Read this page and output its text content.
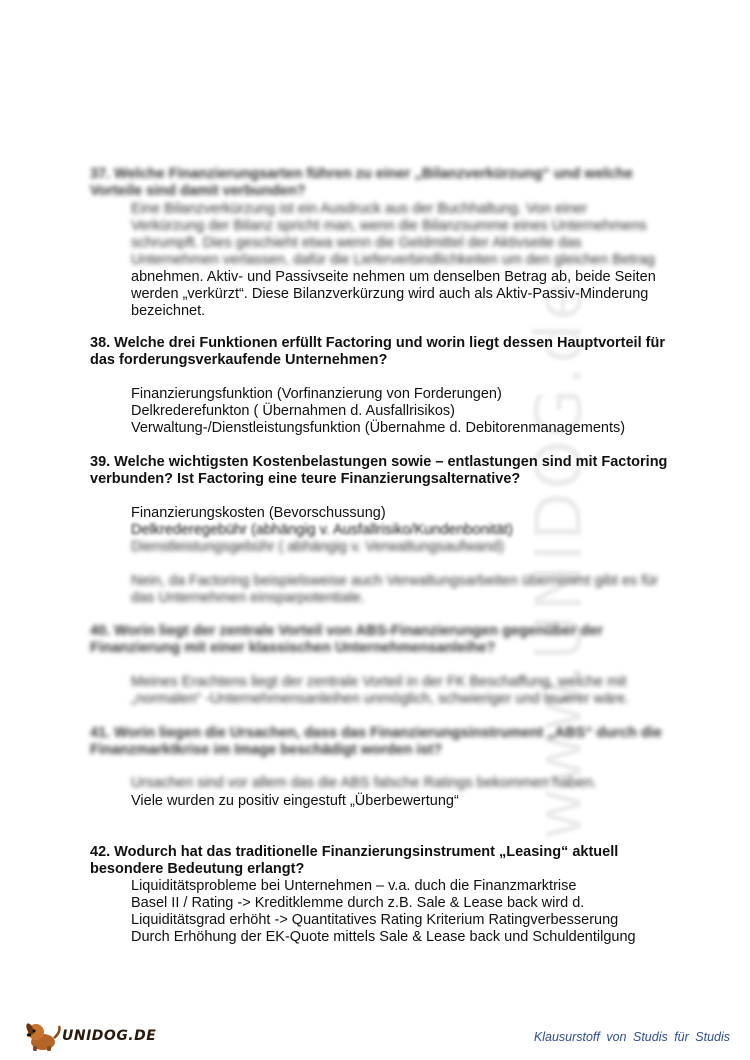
www.UNIDOG.de
37. Welche Finanzierungsarten führen zu einer „Bilanzverkürzung“ und welche
Vorteile sind damit verbunden?
Eine Bilanzverkürzung ist ein Ausdruck aus der Buchhaltung. Von einer
Verkürzung der Bilanz spricht man, wenn die Bilanzsumme eines Unternehmens
schrumpft. Dies geschieht etwa wenn die Geldmittel der Aktivseite das
Unternehmen verlassen, dafür die Lieferverbindlichkeiten um den gleichen Betrag
abnehmen. Aktiv- und Passivseite nehmen um denselben Betrag ab, beide Seiten
werden „verkürzt“. Diese Bilanzverkürzung wird auch als Aktiv-Passiv-Minderung
bezeichnet.
38. Welche drei Funktionen erfüllt Factoring und worin liegt dessen Hauptvorteil für
das forderungsverkaufende Unternehmen?
Finanzierungsfunktion (Vorfinanzierung von Forderungen)
Delkrederefunkton ( Übernahmen d. Ausfallrisikos)
Verwaltung-/Dienstleistungsfunktion (Übernahme d. Debitorenmanagements)
39. Welche wichtigsten Kostenbelastungen sowie – entlastungen sind mit Factoring
verbunden? Ist Factoring eine teure Finanzierungsalternative?
Finanzierungskosten (Bevorschussung)
Delkrederegebühr (abhängig v. Ausfallrisiko/Kundenbonität)
Dienstleistungsgebühr ( abhängig v. Verwaltungsaufwand)
Nein, da Factoring beispielsweise auch Verwaltungsarbeiten übernimmt gibt es für
das Unternehmen einsparpotentiale.
40. Worin liegt der zentrale Vorteil von ABS-Finanzierungen gegenüber der
Finanzierung mit einer klassischen Unternehmensanleihe?
Meines Erachtens liegt der zentrale Vorteil in der FK Beschaffung, welche mit
„normalen“ -Unternehmensanleihen unmöglich, schwieriger und teuerer wäre.
41. Worin liegen die Ursachen, dass das Finanzierungsinstrument „ABS“ durch die
Finanzmarktkrise im Image beschädigt worden ist?
Ursachen sind vor allem das die ABS falsche Ratings bekommen haben.
Viele wurden zu positiv eingestuft „Überbewertung“
42. Wodurch hat das traditionelle Finanzierungsinstrument „Leasing“ aktuell
besondere Bedeutung erlangt?
Liquiditätsprobleme bei Unternehmen – v.a. duch die Finanzmarktrise
Basel II / Rating -> Kreditklemme durch z.B. Sale & Lease back wird d.
Liquiditätsgrad erhöht -> Quantitatives Rating Kriterium Ratingverbesserung
Durch Erhöhung der EK-Quote mittels Sale & Lease back und Schuldentilgung
UNIDOG.DE	Klausurstoff von Studis für Studis
